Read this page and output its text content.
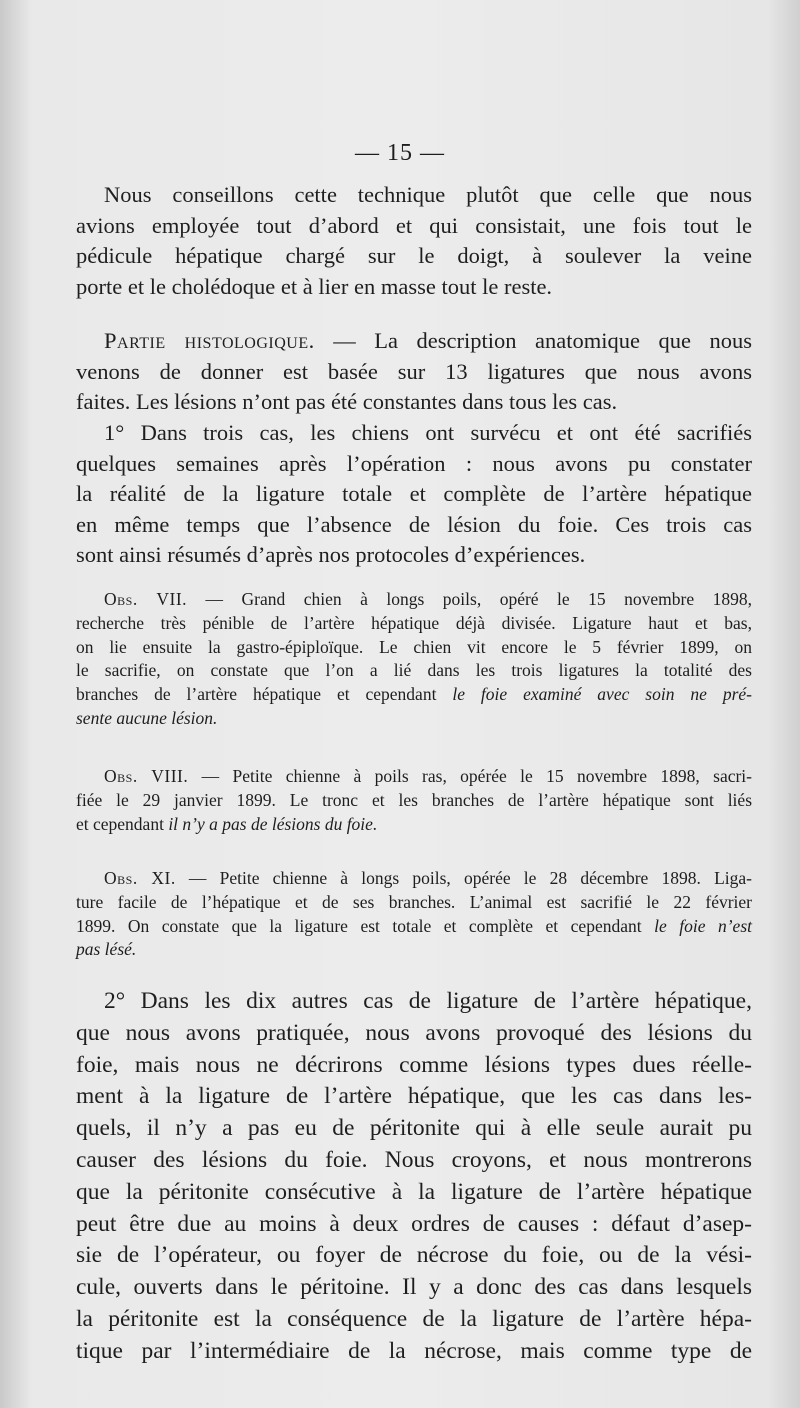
— 15 —
Nous conseillons cette technique plutôt que celle que nous
avions employée tout d’abord et qui consistait, une fois tout le
pédicule hépatique chargé sur le doigt, à soulever la veine
porte et le cholédoque et à lier en masse tout le reste.
Partie histologique. — La description anatomique que nous
venons de donner est basée sur 13 ligatures que nous avons
faites. Les lésions n’ont pas été constantes dans tous les cas.
1° Dans trois cas, les chiens ont survécu et ont été sacrifiés
quelques semaines après l’opération : nous avons pu constater
la réalité de la ligature totale et complète de l’artère hépatique
en même temps que l’absence de lésion du foie. Ces trois cas
sont ainsi résumés d’après nos protocoles d’expériences.
Obs. VII. — Grand chien à longs poils, opéré le 15 novembre 1898,
recherche très pénible de l’artère hépatique déjà divisée. Ligature haut et bas,
on lie ensuite la gastro-épiploïque. Le chien vit encore le 5 février 1899, on
le sacrifie, on constate que l’on a lié dans les trois ligatures la totalité des
branches de l’artère hépatique et cependant le foie examiné avec soin ne pré-
sente aucune lésion.
Obs. VIII. — Petite chienne à poils ras, opérée le 15 novembre 1898, sacri-
fiée le 29 janvier 1899. Le tronc et les branches de l’artère hépatique sont liés
et cependant il n’y a pas de lésions du foie.
Obs. XI. — Petite chienne à longs poils, opérée le 28 décembre 1898. Liga-
ture facile de l’hépatique et de ses branches. L’animal est sacrifié le 22 février
1899. On constate que la ligature est totale et complète et cependant le foie n’est
pas lésé.
2° Dans les dix autres cas de ligature de l’artère hépatique,
que nous avons pratiquée, nous avons provoqué des lésions du
foie, mais nous ne décrirons comme lésions types dues réelle-
ment à la ligature de l’artère hépatique, que les cas dans les-
quels, il n’y a pas eu de péritonite qui à elle seule aurait pu
causer des lésions du foie. Nous croyons, et nous montrerons
que la péritonite consécutive à la ligature de l’artère hépatique
peut être due au moins à deux ordres de causes : défaut d’asep-
sie de l’opérateur, ou foyer de nécrose du foie, ou de la vési-
cule, ouverts dans le péritoine. Il y a donc des cas dans lesquels
la péritonite est la conséquence de la ligature de l’artère hépa-
tique par l’intermédiaire de la nécrose, mais comme type de
